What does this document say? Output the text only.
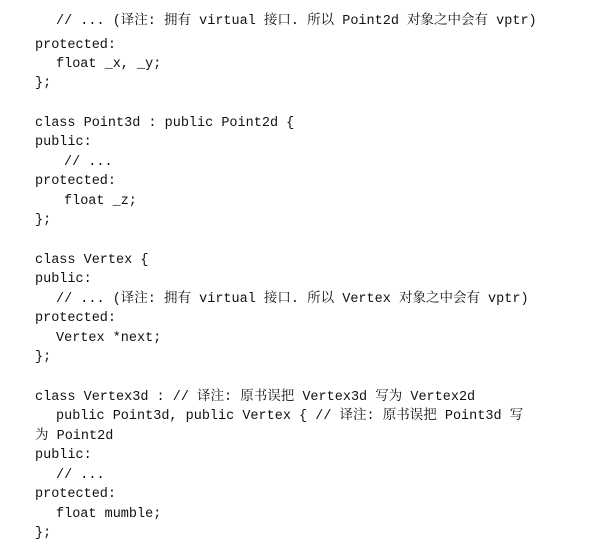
// ... (译注: 拥有 virtual 接口. 所以 Point2d 对象之中会有 vptr)
protected:
float _x, _y;
};
class Point3d : public Point2d {
public:
// ...
protected:
float _z;
};
class Vertex {
public:
// ... (译注: 拥有 virtual 接口. 所以 Vertex 对象之中会有 vptr)
protected:
Vertex *next;
};
class Vertex3d : // 译注: 原书误把 Vertex3d 写为 Vertex2d
public Point3d, public Vertex { // 译注: 原书误把 Point3d 写
为 Point2d
public:
// ...
protected:
float mumble;
};
